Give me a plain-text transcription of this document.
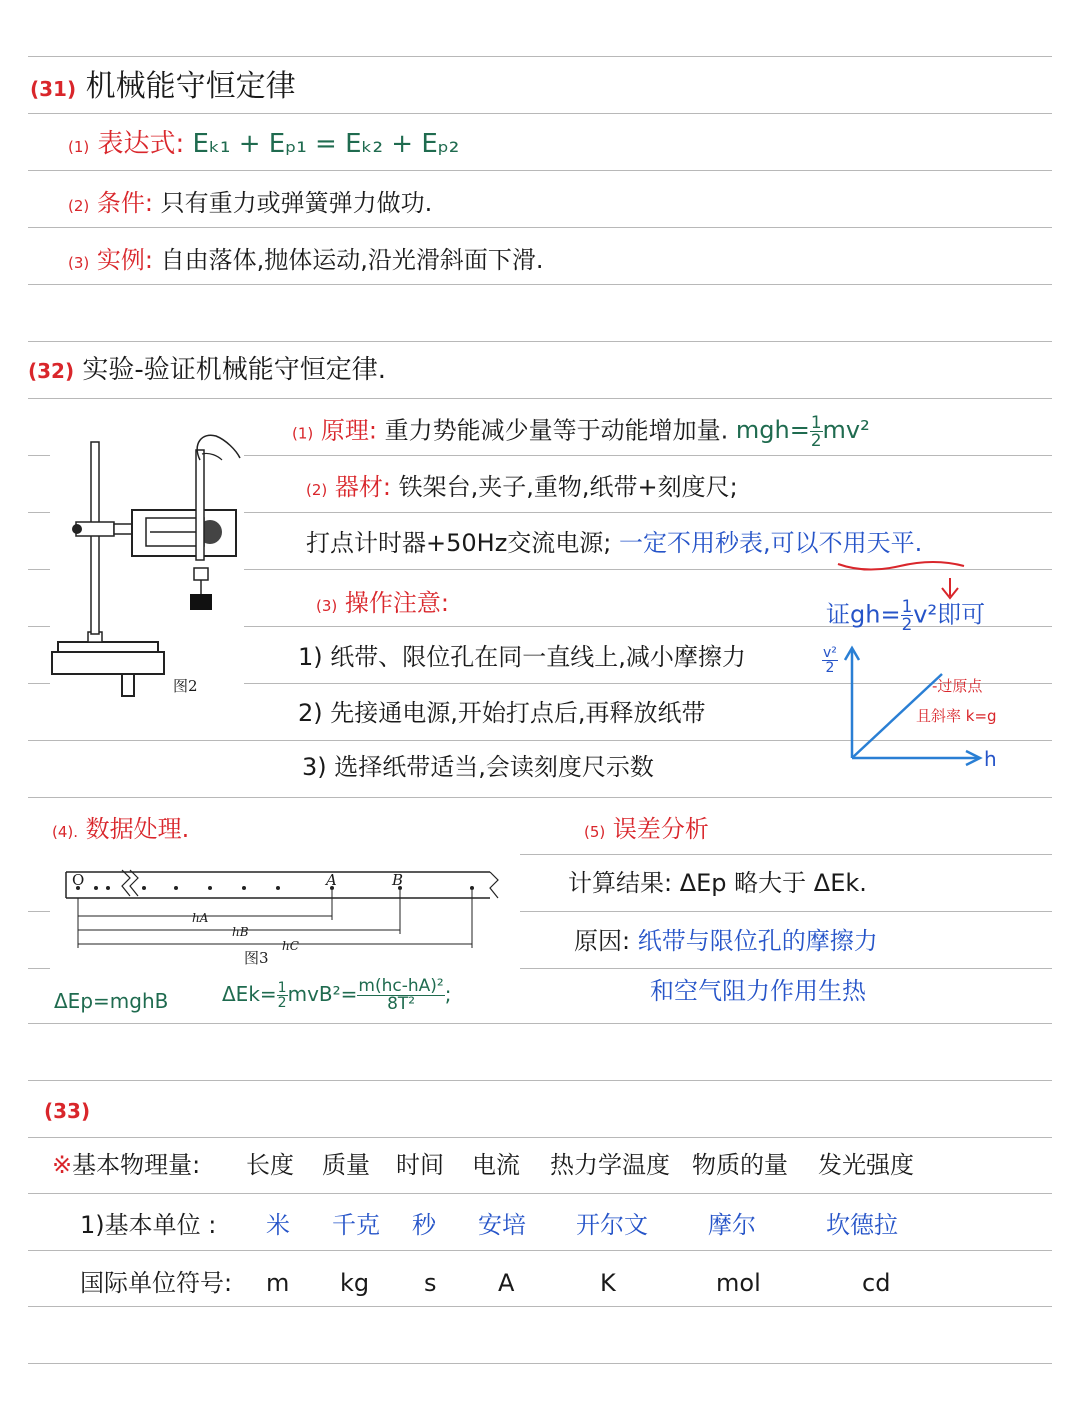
(31) 机械能守恒定律
(1) 表达式: Eₖ₁ + Eₚ₁ = Eₖ₂ + Eₚ₂
(2) 条件: 只有重力或弹簧弹力做功.
(3) 实例: 自由落体,抛体运动,沿光滑斜面下滑.
(32) 实验-验证机械能守恒定律.
图2
(1) 原理: 重力势能减少量等于动能增加量. $mgh= \frac{1}{2} mv^2$
(2) 器材: 铁架台,夹子,重物,纸带+刻度尺;
打点计时器+50Hz交流电源; 一定不用秒表,可以不用天平.
(3) 操作注意:
1) 纸带、限位孔在同一直线上,减小摩擦力
2) 先接通电源,开始打点后,再释放纸带
3) 选择纸带适当,会读刻度尺示数
证$gh= \frac{1}{2} v^2$即可
$\frac{\text{v²}}{2}$
h
-过原点
且斜率 k=g
(4). 数据处理.
O	A	B
hA
hB
hC
图3
ΔEp=mghB	$\Delta Ek= \frac{1}{2} mvB^2= \frac{\text{m(hc-hA)²}}{\text{8T²}}$ ;
(5) 误差分析
计算结果: ΔEp 略大于 ΔEk.
原因: 纸带与限位孔的摩擦力
和空气阻力作用生热
(33)
※基本物理量: 长度 质量 时间 电流 热力学温度 物质的量 发光强度
1)基本单位 : 米 千克 秒 安培 开尔文	摩尔	坎德拉
国际单位符号: m kg s	A	K	mol	cd
